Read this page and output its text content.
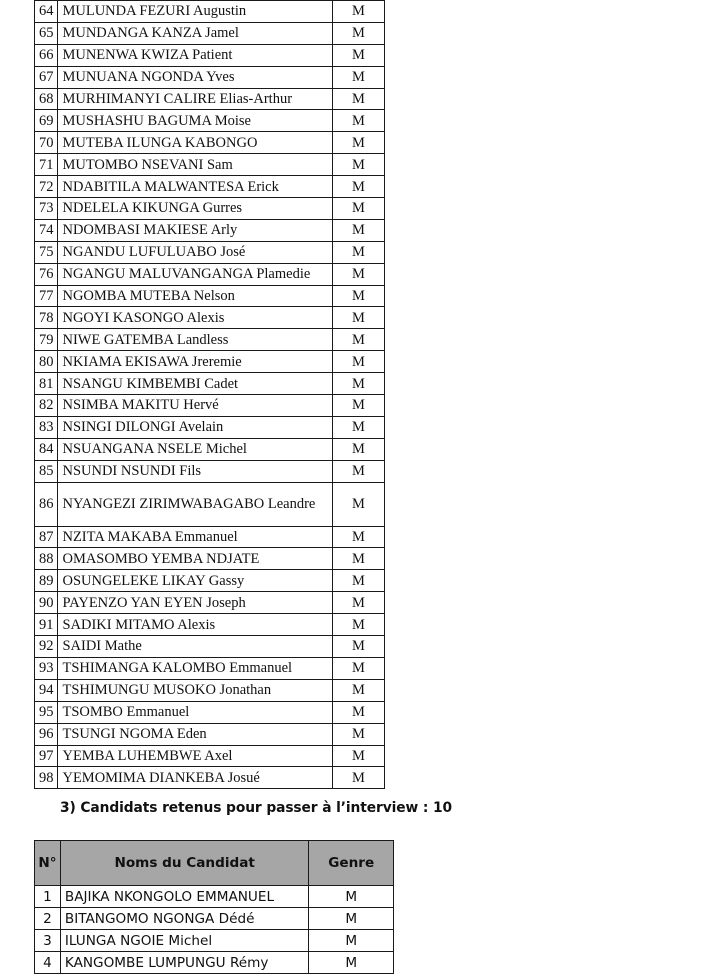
64	MULUNDA FEZURI Augustin	M
65	MUNDANGA KANZA Jamel	M
66	MUNENWA KWIZA Patient	M
67	MUNUANA NGONDA Yves	M
68	MURHIMANYI CALIRE Elias-Arthur	M
69	MUSHASHU BAGUMA Moise	M
70	MUTEBA ILUNGA KABONGO	M
71	MUTOMBO NSEVANI Sam	M
72	NDABITILA MALWANTESA Erick	M
73	NDELELA KIKUNGA Gurres	M
74	NDOMBASI MAKIESE Arly	M
75	NGANDU LUFULUABO José	M
76	NGANGU MALUVANGANGA Plamedie	M
77	NGOMBA MUTEBA Nelson	M
78	NGOYI KASONGO Alexis	M
79	NIWE GATEMBA Landless	M
80	NKIAMA EKISAWA Jreremie	M
81	NSANGU KIMBEMBI Cadet	M
82	NSIMBA MAKITU Hervé	M
83	NSINGI DILONGI Avelain	M
84	NSUANGANA NSELE Michel	M
85	NSUNDI NSUNDI Fils	M
86	NYANGEZI ZIRIMWABAGABO Leandre	M
87	NZITA MAKABA Emmanuel	M
88	OMASOMBO YEMBA NDJATE	M
89	OSUNGELEKE LIKAY Gassy	M
90	PAYENZO YAN EYEN Joseph	M
91	SADIKI MITAMO Alexis	M
92	SAIDI Mathe	M
93	TSHIMANGA KALOMBO Emmanuel	M
94	TSHIMUNGU MUSOKO Jonathan	M
95	TSOMBO Emmanuel	M
96	TSUNGI NGOMA Eden	M
97	YEMBA LUHEMBWE Axel	M
98	YEMOMIMA DIANKEBA Josué	M
3) Candidats retenus pour passer à l’interview : 10
N°	Noms du Candidat	Genre
1	BAJIKA NKONGOLO EMMANUEL	M
2	BITANGOMO NGONGA Dédé	M
3	ILUNGA NGOIE Michel	M
4	KANGOMBE LUMPUNGU Rémy	M
